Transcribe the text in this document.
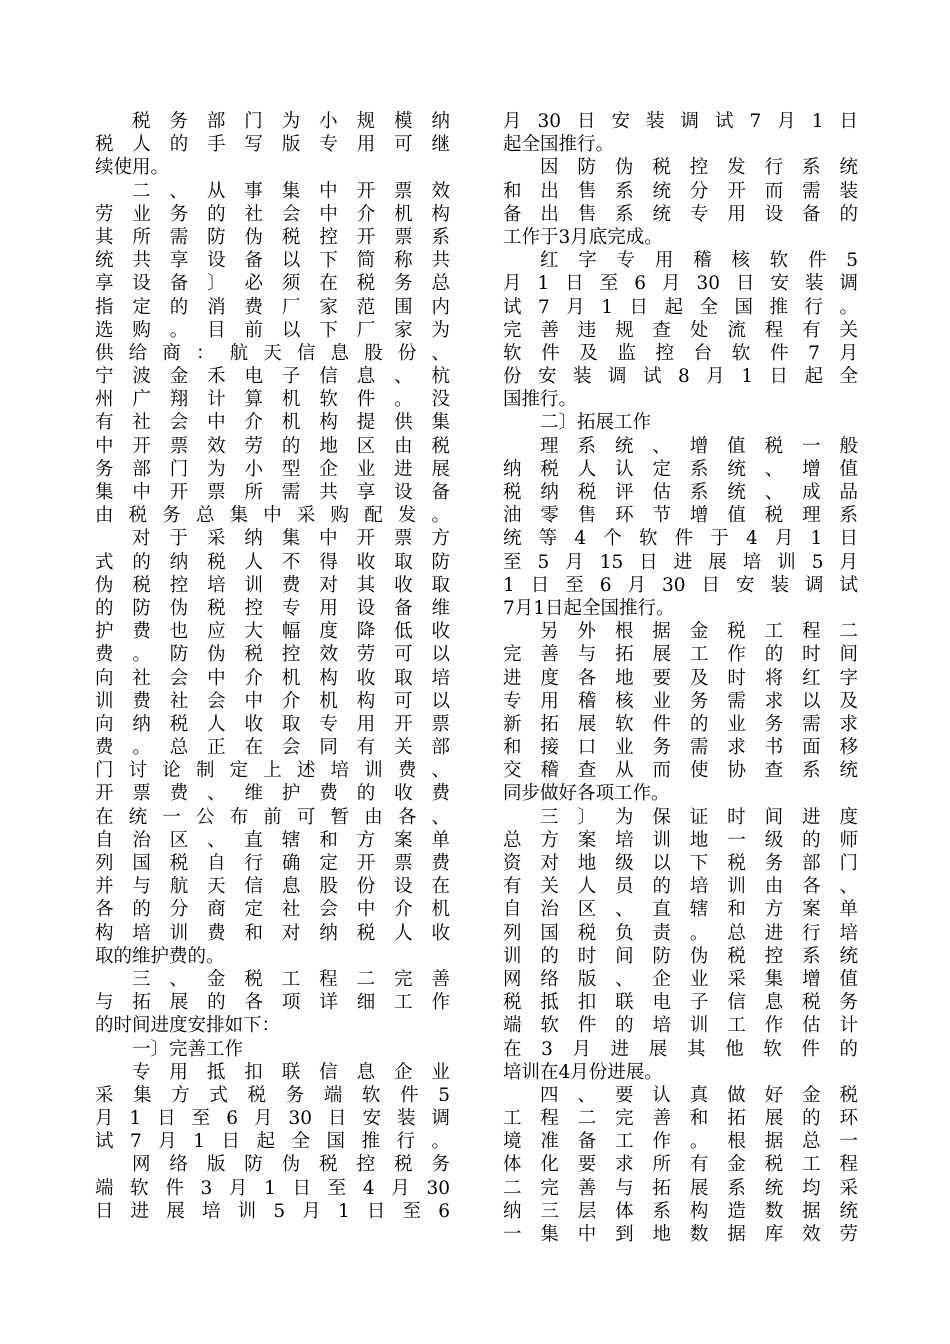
税务部门为小规模纳
税人的手写版专用可继
续使用。
二、从事集中开票效
劳业务的社会中介机构
其所需防伪税控开票系
统共享设备以下简称共
享设备〕必须在税务总
指定的消费厂家范围内
选购。目前以下厂家为
供给商：航天信息股份、
宁波金禾电子信息、杭
州广翔计算机软件。没
有社会中介机构提供集
中开票效劳的地区由税
务部门为小型企业进展
集中开票所需共享设备
由税务总集中采购配发。
对于采纳集中开票方
式的纳税人不得收取防
伪税控培训费对其收取
的防伪税控专用设备维
护费也应大幅度降低收
费。防伪税控效劳可以
向社会中介机构收取培
训费社会中介机构可以
向纳税人收取专用开票
费。总正在会同有关部
门讨论制定上述培训费、
开票费、维护费的收费
在统一公布前可暂由各、
自治区、直辖和方案单
列国税自行确定开票费
并与航天信息股份设在
各的分商定社会中介机
构培训费和对纳税人收
取的维护费的。
三、金税工程二完善
与拓展的各项详细工作
的时间进度安排如下：
一〕完善工作
专用抵扣联信息企业
采集方式税务端软件5
月1日至6月30日安装调
试7月1日起全国推行。
网络版防伪税控税务
端软件3月1日至4月30
日进展培训5月1日至6
月30日安装调试7月1日
起全国推行。
因防伪税控发行系统
和出售系统分开而需装
备出售系统专用设备的
工作于3月底完成。
红字专用稽核软件5
月1日至6月30日安装调
试7月1日起全国推行。
完善违规查处流程有关
软件及监控台软件7月
份安装调试8月1日起全
国推行。
二〕拓展工作
理系统、增值税一般
纳税人认定系统、增值
税纳税评估系统、成品
油零售环节增值税理系
统等4个软件于4月1日
至5月15日进展培训5月
1日至6月30日安装调试
7月1日起全国推行。
另外根据金税工程二
完善与拓展工作的时间
进度各地要及时将红字
专用稽核业务需求以及
新拓展软件的业务需求
和接口业务需求书面移
交稽查从而使协查系统
同步做好各项工作。
三〕为保证时间进度
总方案培训地一级的师
资对地级以下税务部门
有关人员的培训由各、
自治区、直辖和方案单
列国税负责。总进行培
训的时间防伪税控系统
网络版、企业采集增值
税抵扣联电子信息税务
端软件的培训工作估计
在3月进展其他软件的
培训在4月份进展。
四、要认真做好金税
工程二完善和拓展的环
境准备工作。根据总一
体化要求所有金税工程
二完善与拓展系统均采
纳三层体系构造数据统
一集中到地数据库效劳
